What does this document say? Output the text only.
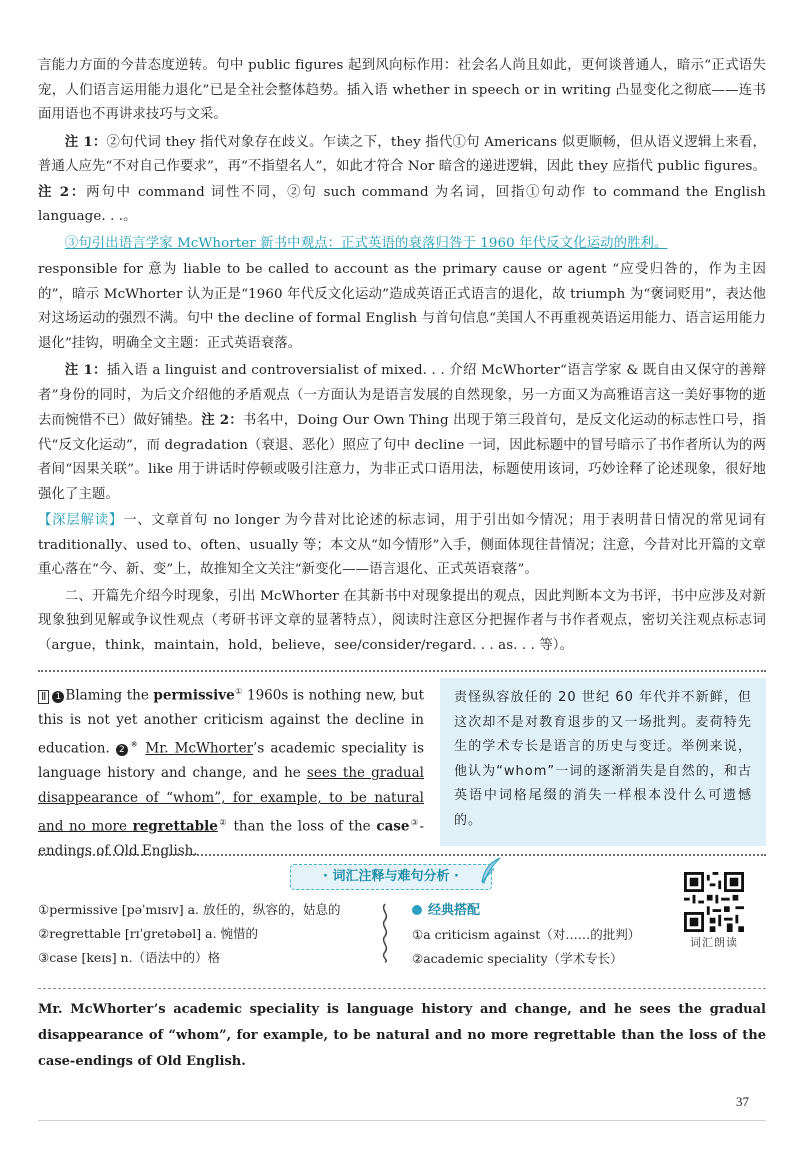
言能力方面的今昔态度逆转。句中 public figures 起到风向标作用：社会名人尚且如此，更何谈普通人，暗示“正式语失宠，人们语言运用能力退化”已是全社会整体趋势。插入语 whether in speech or in writing 凸显变化之彻底——连书面用语也不再讲求技巧与文采。

注 1：②句代词 they 指代对象存在歧义。乍读之下，they 指代①句 Americans 似更顺畅，但从语义逻辑上来看，普通人应先“不对自己作要求”，再“不指望名人”，如此才符合 Nor 暗含的递进逻辑，因此 they 应指代 public figures。注 2：两句中 command 词性不同，②句 such command 为名词，回指①句动作 to command the English language. . .。

③句引出语言学家 McWhorter 新书中观点：正式英语的衰落归咎于 1960 年代反文化运动的胜利。

responsible for 意为 liable to be called to account as the primary cause or agent “应受归咎的，作为主因的”，暗示 McWhorter 认为正是“1960 年代反文化运动”造成英语正式语言的退化，故 triumph 为“褒词贬用”，表达他对这场运动的强烈不满。句中 the decline of formal English 与首句信息“美国人不再重视英语运用能力、语言运用能力退化”挂钩，明确全文主题：正式英语衰落。

注 1：插入语 a linguist and controversialist of mixed. . . 介绍 McWhorter“语言学家 & 既自由又保守的善辩者”身份的同时，为后文介绍他的矛盾观点（一方面认为是语言发展的自然现象，另一方面又为高雅语言这一美好事物的逝去而惋惜不已）做好铺垫。注 2：书名中，Doing Our Own Thing 出现于第三段首句，是反文化运动的标志性口号，指代“反文化运动”，而 degradation（衰退、恶化）照应了句中 decline 一词，因此标题中的冒号暗示了书作者所认为的两者间“因果关联”。like 用于讲话时停顿或吸引注意力，为非正式口语用法，标题使用该词，巧妙诠释了论述现象，很好地强化了主题。

【深层解读】一、文章首句 no longer 为今昔对比论述的标志词，用于引出如今情况；用于表明昔日情况的常见词有 traditionally、used to、often、usually 等；本文从“如今情形”入手，侧面体现往昔情况；注意，今昔对比开篇的文章重心落在“今、新、变”上，故推知全文关注“新变化——语言退化、正式英语衰落”。

二、开篇先介绍今时现象，引出 McWhorter 在其新书中对现象提出的观点，因此判断本文为书评，书中应涉及对新现象独到见解或争议性观点（考研书评文章的显著特点），阅读时注意区分把握作者与书作者观点，密切关注观点标志词（argue，think，maintain，hold，believe，see/consider/regard. . . as. . . 等）。

Ⅱ 1 Blaming the permissive① 1960s is nothing new, but this is not yet another criticism against the decline in education. 2 ※ Mr. McWhorter’s academic speciality is language history and change, and he sees the gradual disappearance of “whom”, for example, to be natural and no more regrettable② than the loss of the case③-endings of Old English.
责怪纵容放任的 20 世纪 60 年代并不新鲜，但这次却不是对教育退步的又一场批判。麦荷特先生的学术专长是语言的历史与变迁。举例来说，他认为“whom”一词的逐渐消失是自然的，和古英语中词格尾缀的消失一样根本没什么可遗憾的。
· 词汇注释与难句分析 ·
①permissive [pəˈmɪsɪv] a. 放任的，纵容的，姑息的
②regrettable [rɪˈɡretəbəl] a. 惋惜的
③case [keɪs] n.（语法中的）格
经典搭配
①a criticism against（对……的批判）
②academic speciality（学术专长）
词汇朗读
Mr. McWhorter’s academic speciality is language history and change, and he sees the gradual disappearance of “whom”, for example, to be natural and no more regrettable than the loss of the case-endings of Old English.
37
